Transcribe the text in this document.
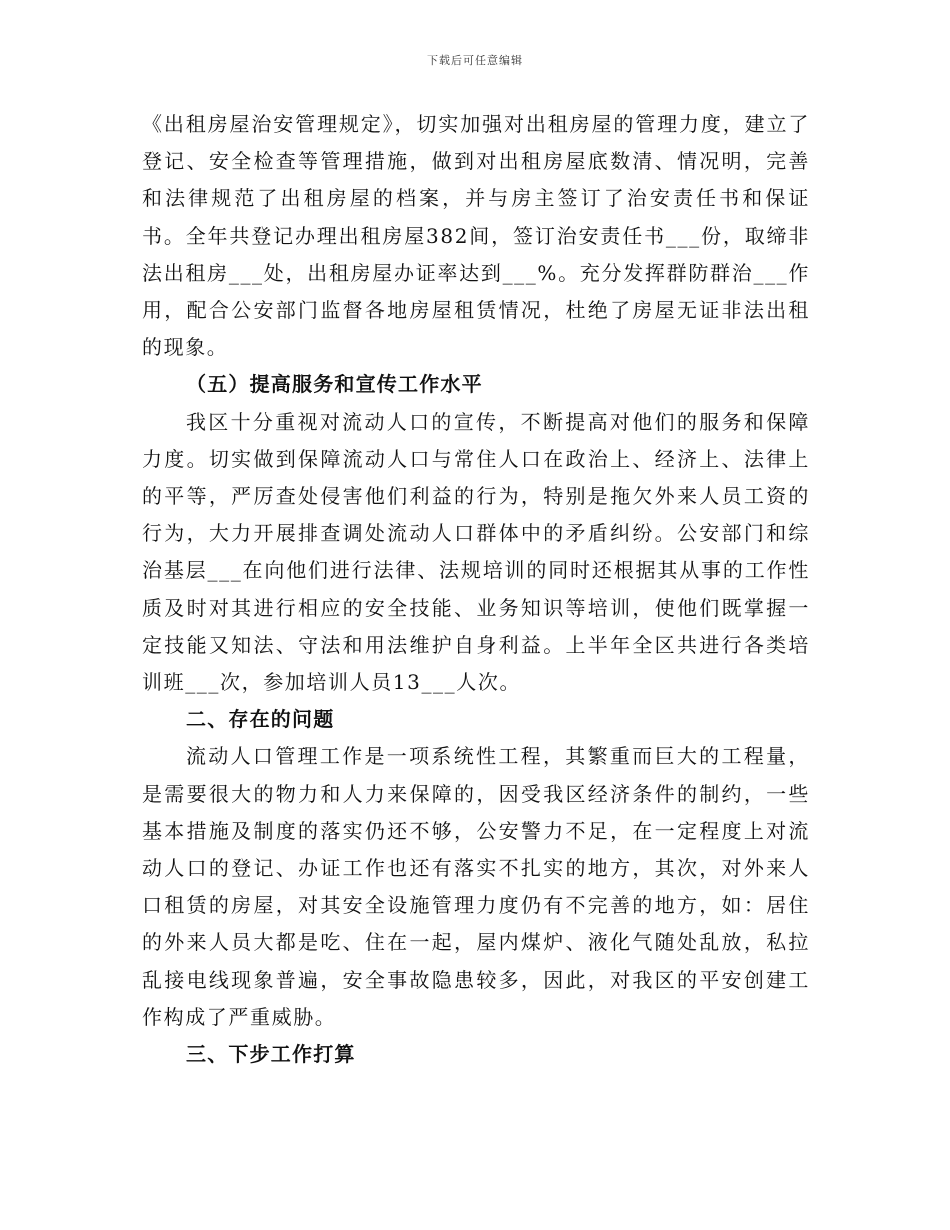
下载后可任意编辑

《出租房屋治安管理规定》，切实加强对出租房屋的管理力度，建立了登记、安全检查等管理措施，做到对出租房屋底数清、情况明，完善和法律规范了出租房屋的档案，并与房主签订了治安责任书和保证书。全年共登记办理出租房屋382间，签订治安责任书___份，取缔非法出租房___处，出租房屋办证率达到___%。充分发挥群防群治___作用，配合公安部门监督各地房屋租赁情况，杜绝了房屋无证非法出租的现象。

（五）提高服务和宣传工作水平

我区十分重视对流动人口的宣传，不断提高对他们的服务和保障力度。切实做到保障流动人口与常住人口在政治上、经济上、法律上的平等，严厉查处侵害他们利益的行为，特别是拖欠外来人员工资的行为，大力开展排查调处流动人口群体中的矛盾纠纷。公安部门和综治基层___在向他们进行法律、法规培训的同时还根据其从事的工作性质及时对其进行相应的安全技能、业务知识等培训，使他们既掌握一定技能又知法、守法和用法维护自身利益。上半年全区共进行各类培训班___次，参加培训人员13___人次。

二、存在的问题

流动人口管理工作是一项系统性工程，其繁重而巨大的工程量，是需要很大的物力和人力来保障的，因受我区经济条件的制约，一些基本措施及制度的落实仍还不够，公安警力不足，在一定程度上对流动人口的登记、办证工作也还有落实不扎实的地方，其次，对外来人口租赁的房屋，对其安全设施管理力度仍有不完善的地方，如：居住的外来人员大都是吃、住在一起，屋内煤炉、液化气随处乱放，私拉乱接电线现象普遍，安全事故隐患较多，因此，对我区的平安创建工作构成了严重威胁。

三、下步工作打算
